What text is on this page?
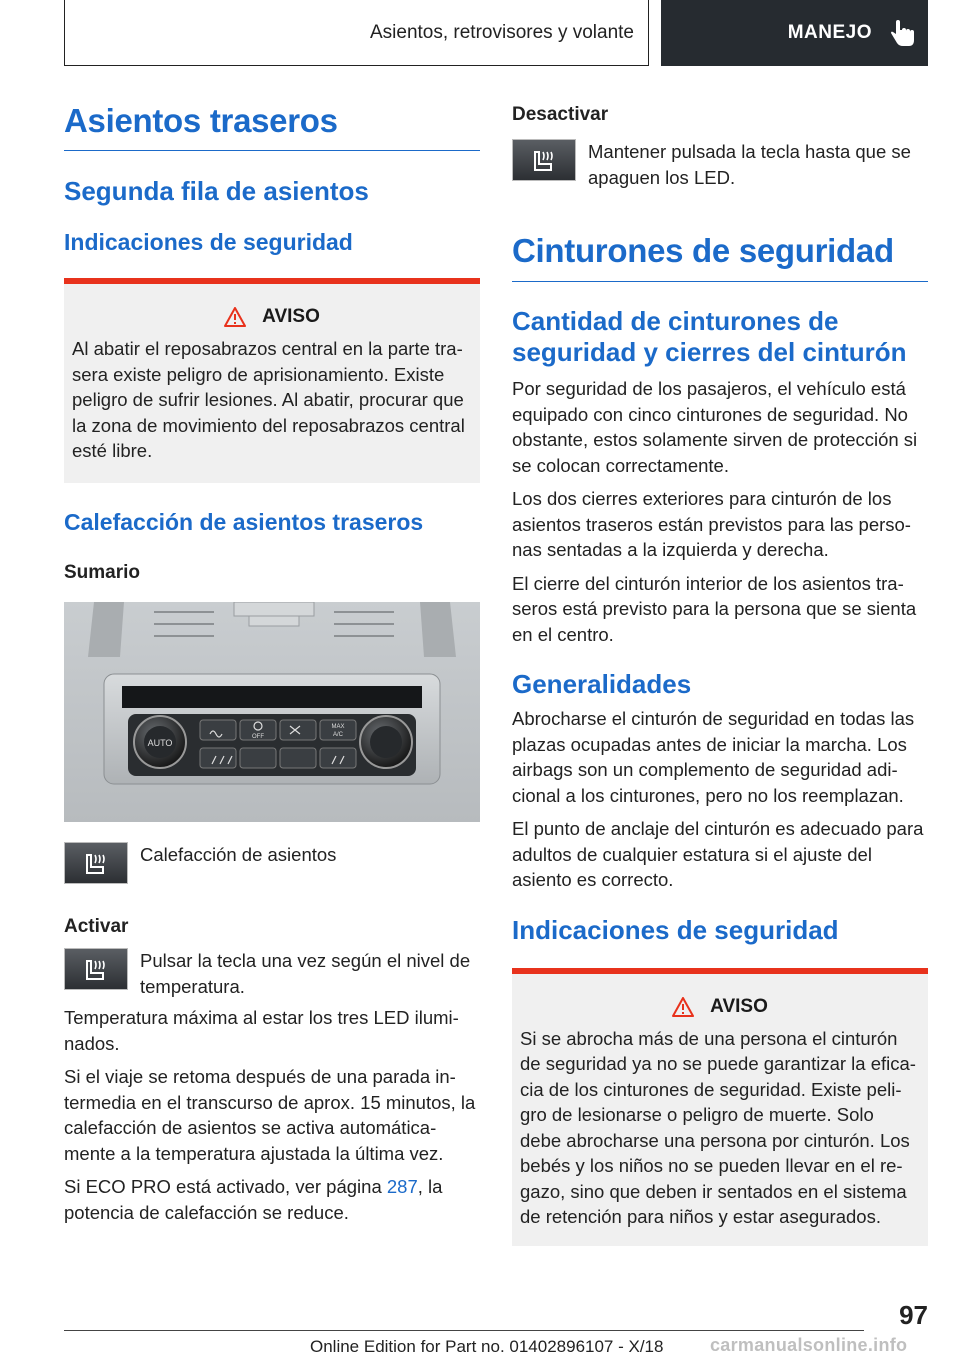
Asientos, retrovisores y volante	MANEJO
Asientos traseros
Segunda fila de asientos
Indicaciones de seguridad
AVISO

Al abatir el reposabrazos central en la parte tra-sera existe peligro de aprisionamiento. Existe peligro de sufrir lesiones. Al abatir, procurar que la zona de movimiento del reposabrazos central esté libre.

Calefacción de asientos traseros
Sumario
AUTO
OFF
MAX
A/C
Calefacción de asientos
Activar
Pulsar la tecla una vez según el nivel de temperatura.

Temperatura máxima al estar los tres LED ilumi-nados.

Si el viaje se retoma después de una parada in-termedia en el transcurso de aprox. 15 minutos, la calefacción de asientos se activa automática-mente a la temperatura ajustada la última vez.

Si ECO PRO está activado, ver página 287, la potencia de calefacción se reduce.

Desactivar
Mantener pulsada la tecla hasta que se apaguen los LED.
Cinturones de seguridad
Cantidad de cinturones de seguridad y cierres del cinturón

Por seguridad de los pasajeros, el vehículo está equipado con cinco cinturones de seguridad. No obstante, estos solamente sirven de protección si se colocan correctamente.

Los dos cierres exteriores para cinturón de los asientos traseros están previstos para las perso-nas sentadas a la izquierda y derecha.

El cierre del cinturón interior de los asientos tra-seros está previsto para la persona que se sienta en el centro.

Generalidades

Abrocharse el cinturón de seguridad en todas las plazas ocupadas antes de iniciar la marcha. Los airbags son un complemento de seguridad adi-cional a los cinturones, pero no los reemplazan.

El punto de anclaje del cinturón es adecuado para adultos de cualquier estatura si el ajuste del asiento es correcto.

Indicaciones de seguridad
AVISO

Si se abrocha más de una persona el cinturón de seguridad ya no se puede garantizar la efica-cia de los cinturones de seguridad. Existe peli-gro de lesionarse o peligro de muerte. Solo debe abrocharse una persona por cinturón. Los bebés y los niños no se pueden llevar en el re-gazo, sino que deben ir sentados en el sistema de retención para niños y estar asegurados.

97
Online Edition for Part no. 01402896107 - X/18	carmanualsonline.info
